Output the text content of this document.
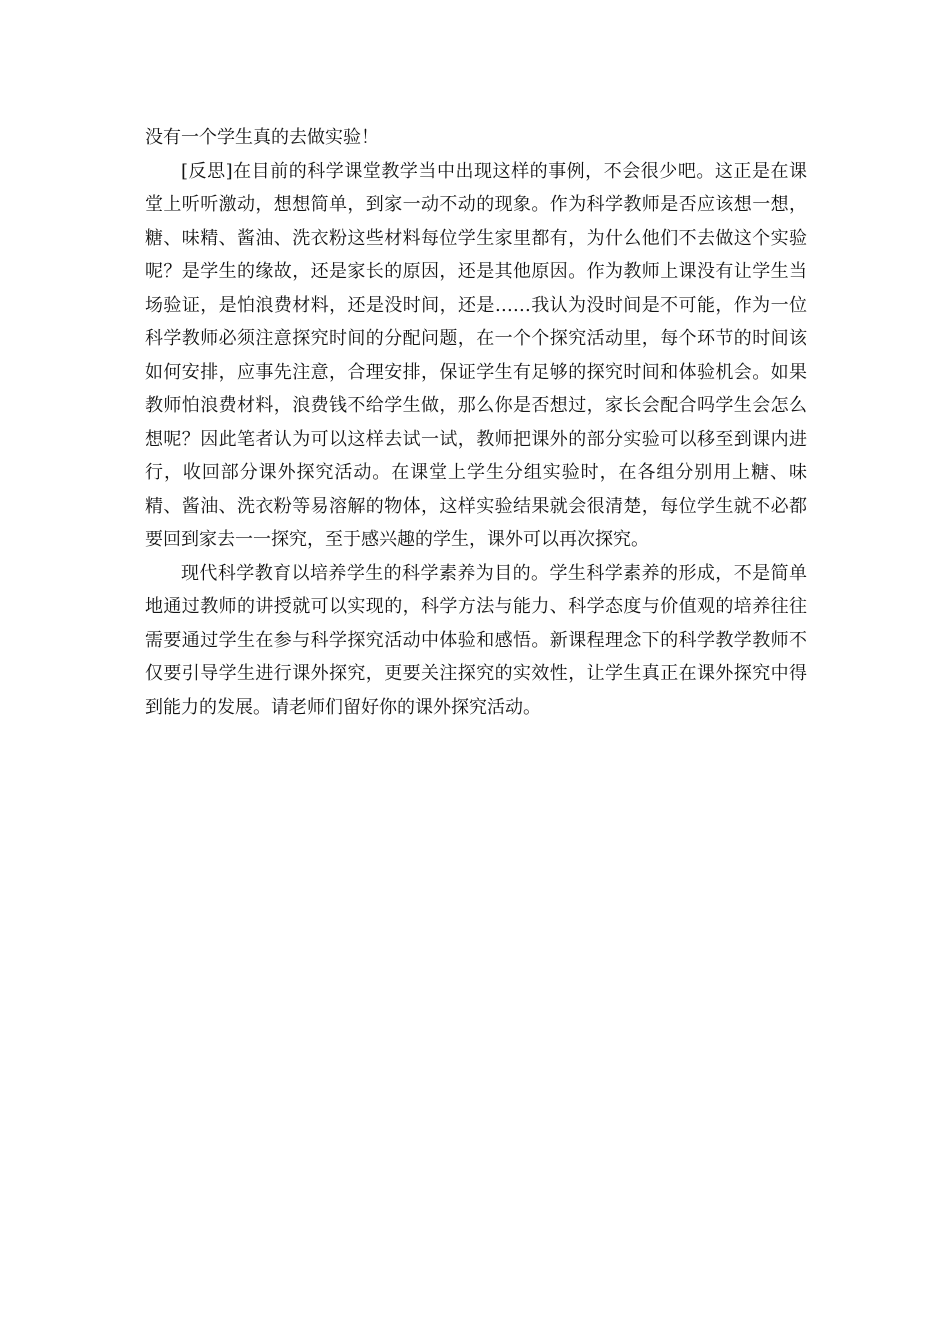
没有一个学生真的去做实验！

[反思]在目前的科学课堂教学当中出现这样的事例，不会很少吧。这正是在课堂上听听激动，想想简单，到家一动不动的现象。作为科学教师是否应该想一想，糖、味精、酱油、洗衣粉这些材料每位学生家里都有，为什么他们不去做这个实验呢？是学生的缘故，还是家长的原因，还是其他原因。作为教师上课没有让学生当场验证，是怕浪费材料，还是没时间，还是……我认为没时间是不可能，作为一位科学教师必须注意探究时间的分配问题，在一个个探究活动里，每个环节的时间该如何安排，应事先注意，合理安排，保证学生有足够的探究时间和体验机会。如果教师怕浪费材料，浪费钱不给学生做，那么你是否想过，家长会配合吗学生会怎么想呢？因此笔者认为可以这样去试一试，教师把课外的部分实验可以移至到课内进行，收回部分课外探究活动。在课堂上学生分组实验时，在各组分别用上糖、味精、酱油、洗衣粉等易溶解的物体，这样实验结果就会很清楚，每位学生就不必都要回到家去一一探究，至于感兴趣的学生，课外可以再次探究。

现代科学教育以培养学生的科学素养为目的。学生科学素养的形成，不是简单地通过教师的讲授就可以实现的，科学方法与能力、科学态度与价值观的培养往往需要通过学生在参与科学探究活动中体验和感悟。新课程理念下的科学教学教师不仅要引导学生进行课外探究，更要关注探究的实效性，让学生真正在课外探究中得到能力的发展。请老师们留好你的课外探究活动。
